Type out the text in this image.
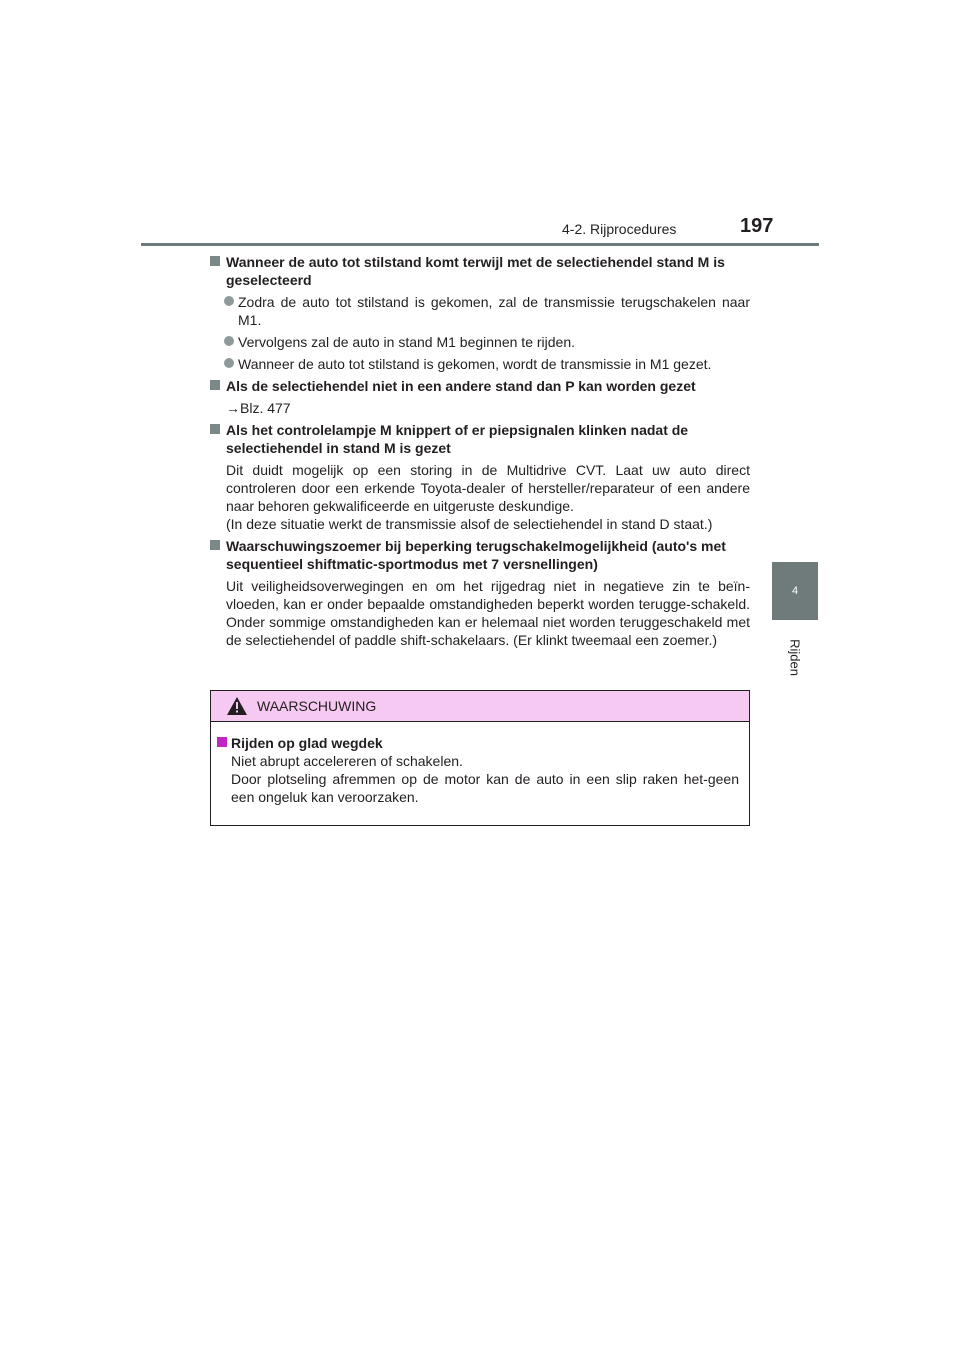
4-2. Rijprocedures	197
4
Rijden
Wanneer de auto tot stilstand komt terwijl met de selectiehendel stand M is geselecteerd
Zodra de auto tot stilstand is gekomen, zal de transmissie terugschakelen naar M1.
Vervolgens zal de auto in stand M1 beginnen te rijden.
Wanneer de auto tot stilstand is gekomen, wordt de transmissie in M1 gezet.
Als de selectiehendel niet in een andere stand dan P kan worden gezet
→Blz. 477
Als het controlelampje M knippert of er piepsignalen klinken nadat de selectiehendel in stand M is gezet
Dit duidt mogelijk op een storing in de Multidrive CVT. Laat uw auto direct controleren door een erkende Toyota-dealer of hersteller/reparateur of een andere naar behoren gekwalificeerde en uitgeruste deskundige.
(In deze situatie werkt de transmissie alsof de selectiehendel in stand D staat.)
Waarschuwingszoemer bij beperking terugschakelmogelijkheid (auto's met sequentieel shiftmatic-sportmodus met 7 versnellingen)
Uit veiligheidsoverwegingen en om het rijgedrag niet in negatieve zin te beïn-vloeden, kan er onder bepaalde omstandigheden beperkt worden terugge-schakeld. Onder sommige omstandigheden kan er helemaal niet worden teruggeschakeld met de selectiehendel of paddle shift-schakelaars. (Er klinkt tweemaal een zoemer.)
WAARSCHUWING
Rijden op glad wegdek
Niet abrupt accelereren of schakelen.
Door plotseling afremmen op de motor kan de auto in een slip raken het-geen een ongeluk kan veroorzaken.
